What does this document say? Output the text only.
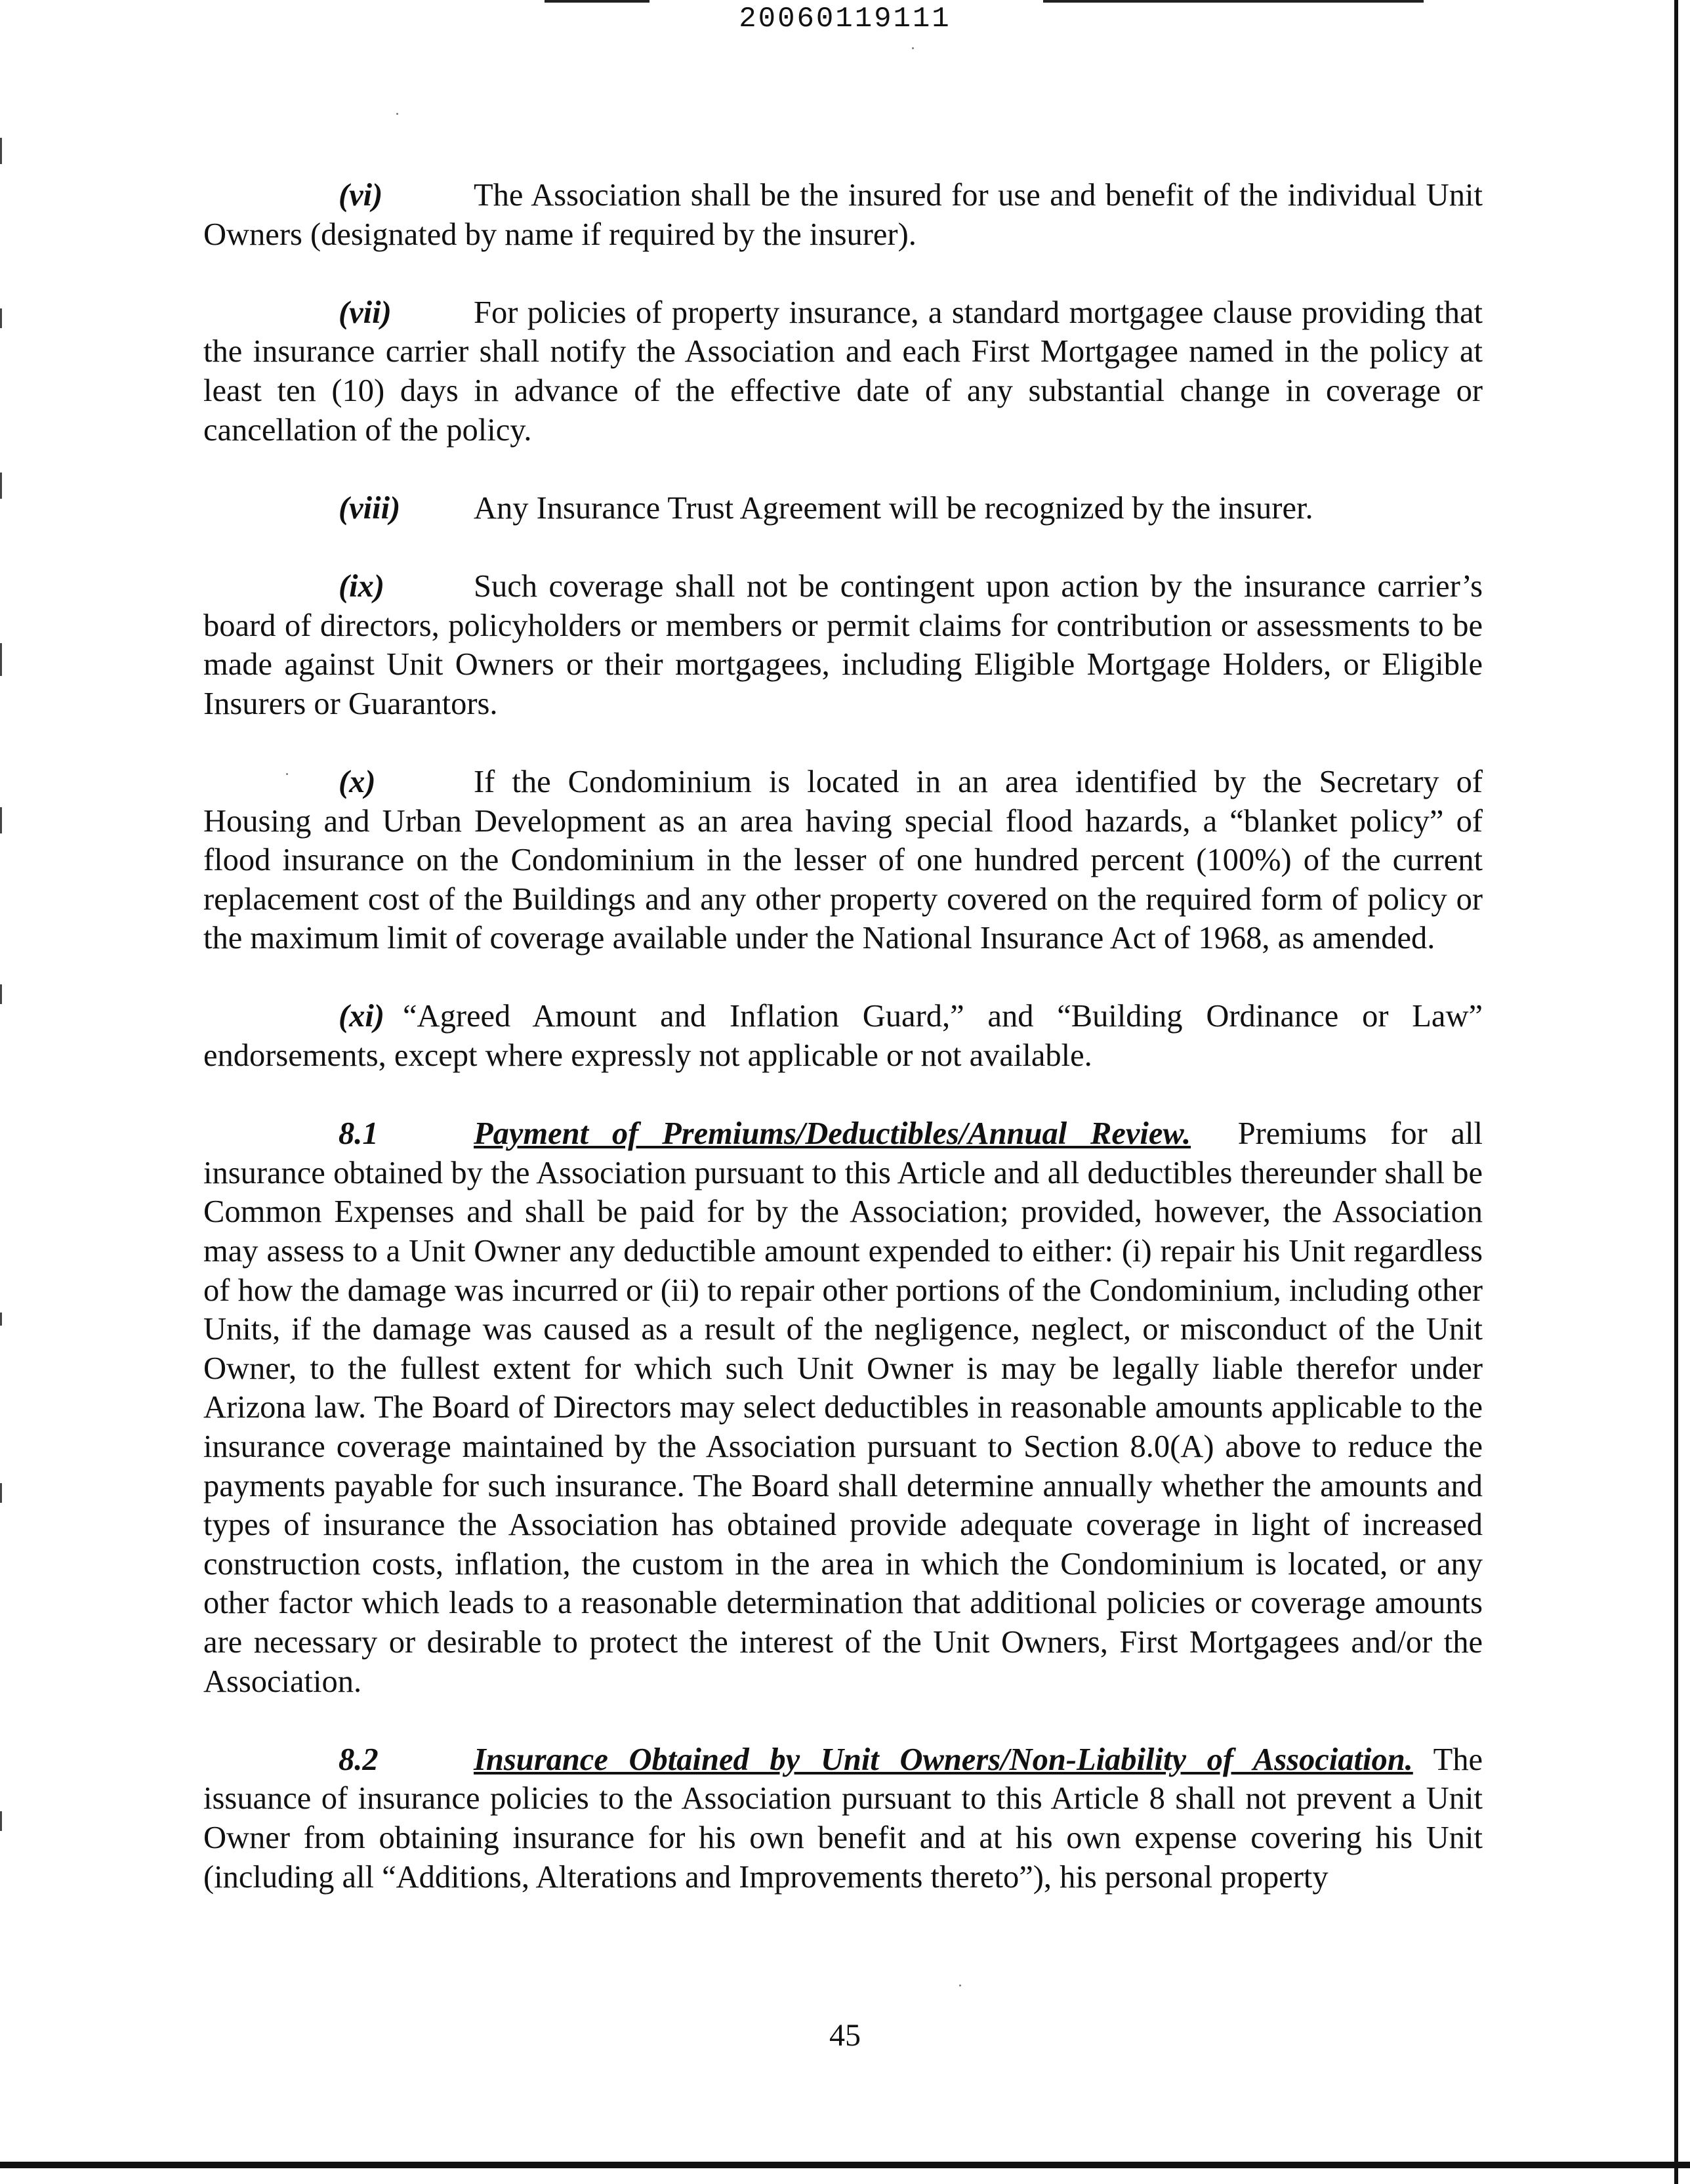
20060119111

(vi)	The Association shall be the insured for use and benefit of the individual Unit Owners (designated by name if required by the insurer).

(vii)	For policies of property insurance, a standard mortgagee clause providing that the insurance carrier shall notify the Association and each First Mortgagee named in the policy at least ten (10) days in advance of the effective date of any substantial change in coverage or cancellation of the policy.

(viii) Any Insurance Trust Agreement will be recognized by the insurer.

(ix)	Such coverage shall not be contingent upon action by the insurance carrier’s board of directors, policyholders or members or permit claims for contribution or assessments to be made against Unit Owners or their mortgagees, including Eligible Mortgage Holders, or Eligible Insurers or Guarantors.

(x)	If the Condominium is located in an area identified by the Secretary of Housing and Urban Development as an area having special flood hazards, a “blanket policy” of flood insurance on the Condominium in the lesser of one hundred percent (100%) of the current replacement cost of the Buildings and any other property covered on the required form of policy or the maximum limit of coverage available under the National Insurance Act of 1968, as amended.

(xi) “Agreed Amount and Inflation Guard,” and “Building Ordinance or Law” endorsements, except where expressly not applicable or not available.

8.1	Payment of Premiums/Deductibles/Annual Review. Premiums for all insurance obtained by the Association pursuant to this Article and all deductibles thereunder shall be Common Expenses and shall be paid for by the Association; provided, however, the Association may assess to a Unit Owner any deductible amount expended to either: (i) repair his Unit regardless of how the damage was incurred or (ii) to repair other portions of the Condominium, including other Units, if the damage was caused as a result of the negligence, neglect, or misconduct of the Unit Owner, to the fullest extent for which such Unit Owner is may be legally liable therefor under Arizona law. The Board of Directors may select deductibles in reasonable amounts applicable to the insurance coverage maintained by the Association pursuant to Section 8.0(A) above to reduce the payments payable for such insurance. The Board shall determine annually whether the amounts and types of insurance the Association has obtained provide adequate coverage in light of increased construction costs, inflation, the custom in the area in which the Condominium is located, or any other factor which leads to a reasonable determination that additional policies or coverage amounts are necessary or desirable to protect the interest of the Unit Owners, First Mortgagees and/or the Association.

8.2	Insurance Obtained by Unit Owners/Non-Liability of Association. The issuance of insurance policies to the Association pursuant to this Article 8 shall not prevent a Unit Owner from obtaining insurance for his own benefit and at his own expense covering his Unit (including all “Additions, Alterations and Improvements thereto”), his personal property

45
